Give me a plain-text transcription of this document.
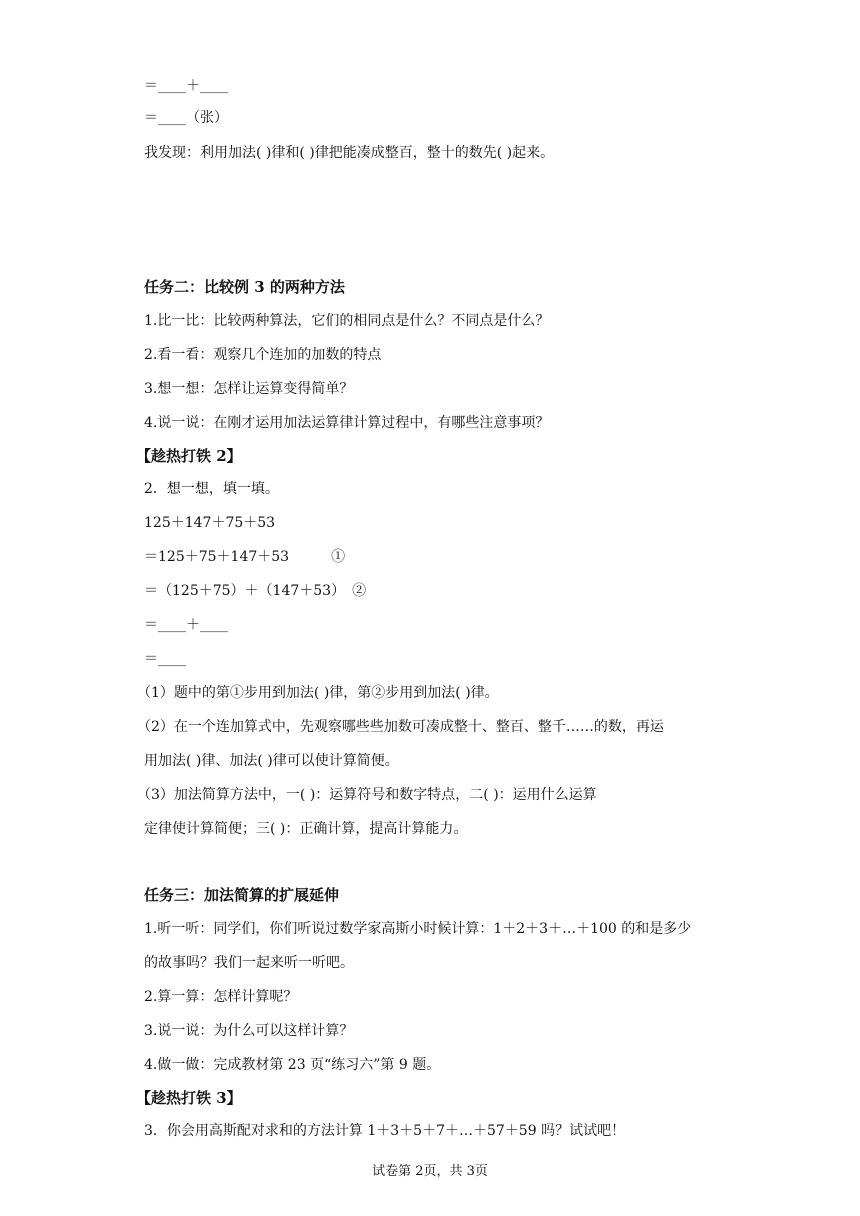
＝____＋____
＝____（张）
我发现：利用加法( )律和( )律把能凑成整百，整十的数先( )起来。
任务二：比较例 3 的两种方法
1.比一比：比较两种算法，它们的相同点是什么？不同点是什么？
2.看一看：观察几个连加的加数的特点
3.想一想：怎样让运算变得简单？
4.说一说：在刚才运用加法运算律计算过程中，有哪些注意事项？
【趁热打铁 2】
2．想一想，填一填。
125＋147＋75＋53
＝125＋75＋147＋53　　　①
＝（125＋75）＋（147＋53）　②
＝____＋____
＝____
（1）题中的第①步用到加法( )律，第②步用到加法( )律。
（2）在一个连加算式中，先观察哪些些加数可凑成整十、整百、整千……的数，再运
用加法( )律、加法( )律可以使计算简便。
（3）加法简算方法中，一( )：运算符号和数字特点，二( )：运用什么运算
定律使计算简便；三( )：正确计算，提高计算能力。
任务三：加法简算的扩展延伸
1.听一听：同学们，你们听说过数学家高斯小时候计算：1＋2＋3＋…＋100 的和是多少
的故事吗？我们一起来听一听吧。
2.算一算：怎样计算呢？
3.说一说：为什么可以这样计算？
4.做一做：完成教材第 23 页“练习六”第 9 题。
【趁热打铁 3】
3．你会用高斯配对求和的方法计算 1＋3＋5＋7＋…＋57＋59 吗？试试吧！
试卷第 2页，共 3页
